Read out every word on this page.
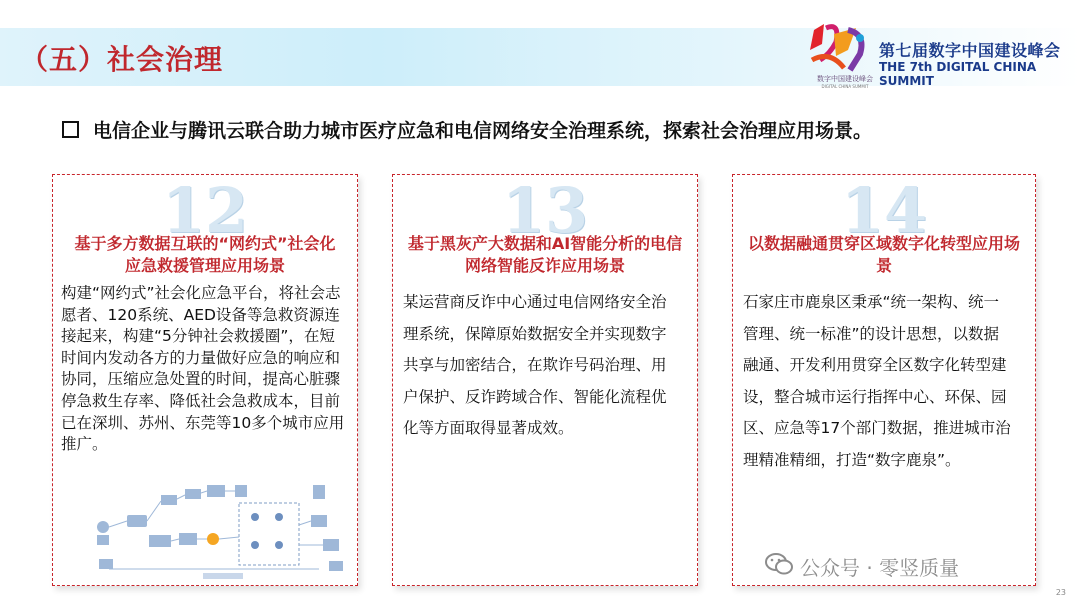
（五）社会治理
数字中国建设峰会
DIGITAL CHINA SUMMIT
第七届数字中国建设峰会
THE 7th DIGITAL CHINA SUMMIT
电信企业与腾讯云联合助力城市医疗应急和电信网络安全治理系统，探索社会治理应用场景。
12
基于多方数据互联的“网约式”社会化应急救援管理应用场景
构建“网约式”社会化应急平台，将社会志愿者、120系统、AED设备等急救资源连接起来，构建“5分钟社会救援圈”，在短时间内发动各方的力量做好应急的响应和协同，压缩应急处置的时间，提高心脏骤停急救生存率、降低社会急救成本，目前已在深圳、苏州、东莞等10多个城市应用推广。
13
基于黑灰产大数据和AI智能分析的电信网络智能反诈应用场景
某运营商反诈中心通过电信网络安全治理系统，保障原始数据安全并实现数字共享与加密结合，在欺诈号码治理、用户保护、反诈跨域合作、智能化流程优化等方面取得显著成效。
14
以数据融通贯穿区域数字化转型应用场景
石家庄市鹿泉区秉承“统一架构、统一管理、统一标准”的设计思想，以数据融通、开发利用贯穿全区数字化转型建设，整合城市运行指挥中心、环保、园区、应急等17个部门数据，推进城市治理精准精细，打造“数字鹿泉”。
公众号 · 零竖质量
23
